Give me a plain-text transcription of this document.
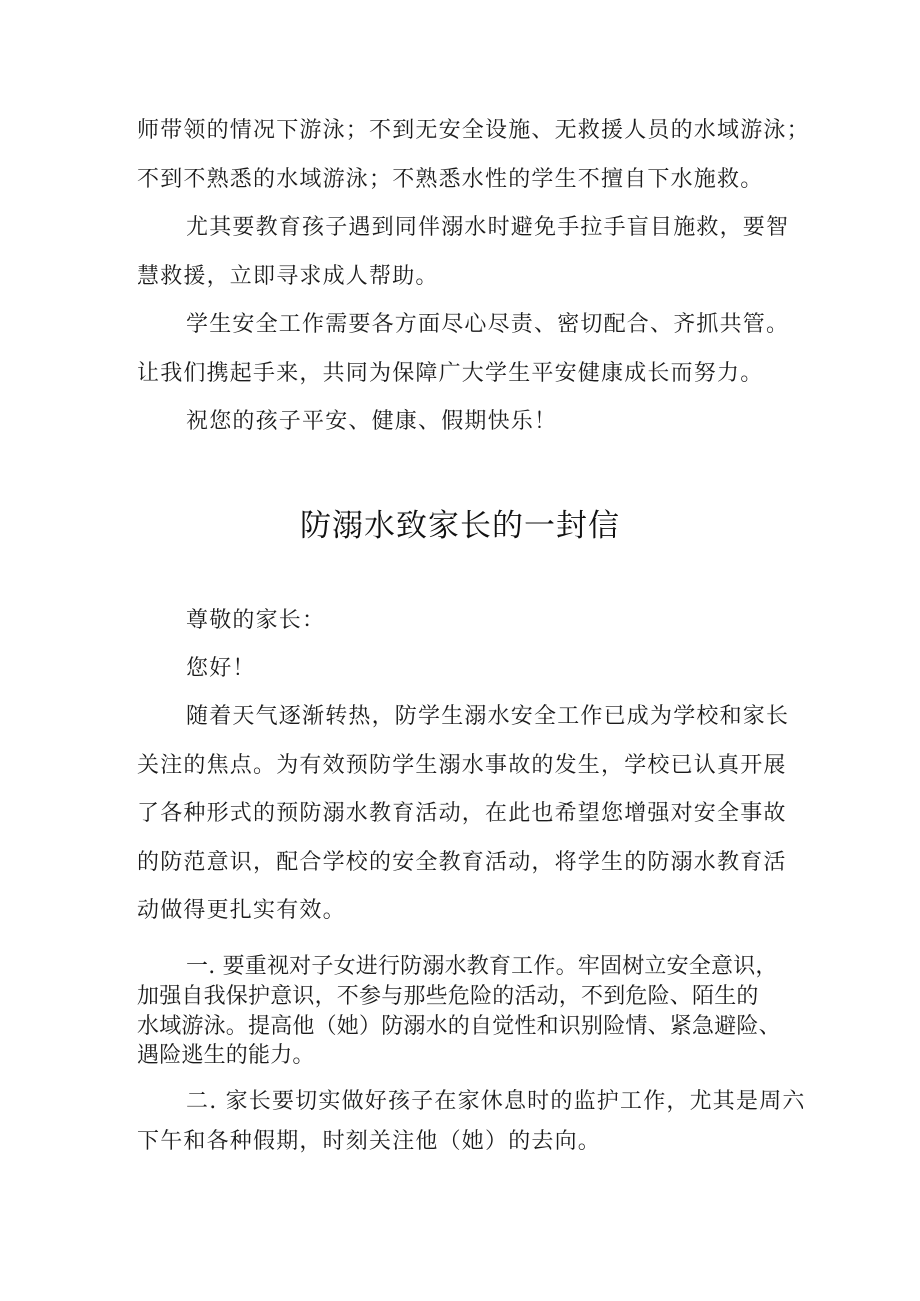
师带领的情况下游泳；不到无安全设施、无救援人员的水域游泳；
不到不熟悉的水域游泳；不熟悉水性的学生不擅自下水施救。
尤其要教育孩子遇到同伴溺水时避免手拉手盲目施救，要智
慧救援，立即寻求成人帮助。
学生安全工作需要各方面尽心尽责、密切配合、齐抓共管。
让我们携起手来，共同为保障广大学生平安健康成长而努力。
祝您的孩子平安、健康、假期快乐！
防溺水致家长的一封信
尊敬的家长：
您好！
随着天气逐渐转热，防学生溺水安全工作已成为学校和家长
关注的焦点。为有效预防学生溺水事故的发生，学校已认真开展
了各种形式的预防溺水教育活动，在此也希望您增强对安全事故
的防范意识，配合学校的安全教育活动，将学生的防溺水教育活
动做得更扎实有效。
一. 要重视对子女进行防溺水教育工作。牢固树立安全意识，
加强自我保护意识，不参与那些危险的活动，不到危险、陌生的
水域游泳。提高他（她）防溺水的自觉性和识别险情、紧急避险、
遇险逃生的能力。
二. 家长要切实做好孩子在家休息时的监护工作，尤其是周六
下午和各种假期，时刻关注他（她）的去向。
